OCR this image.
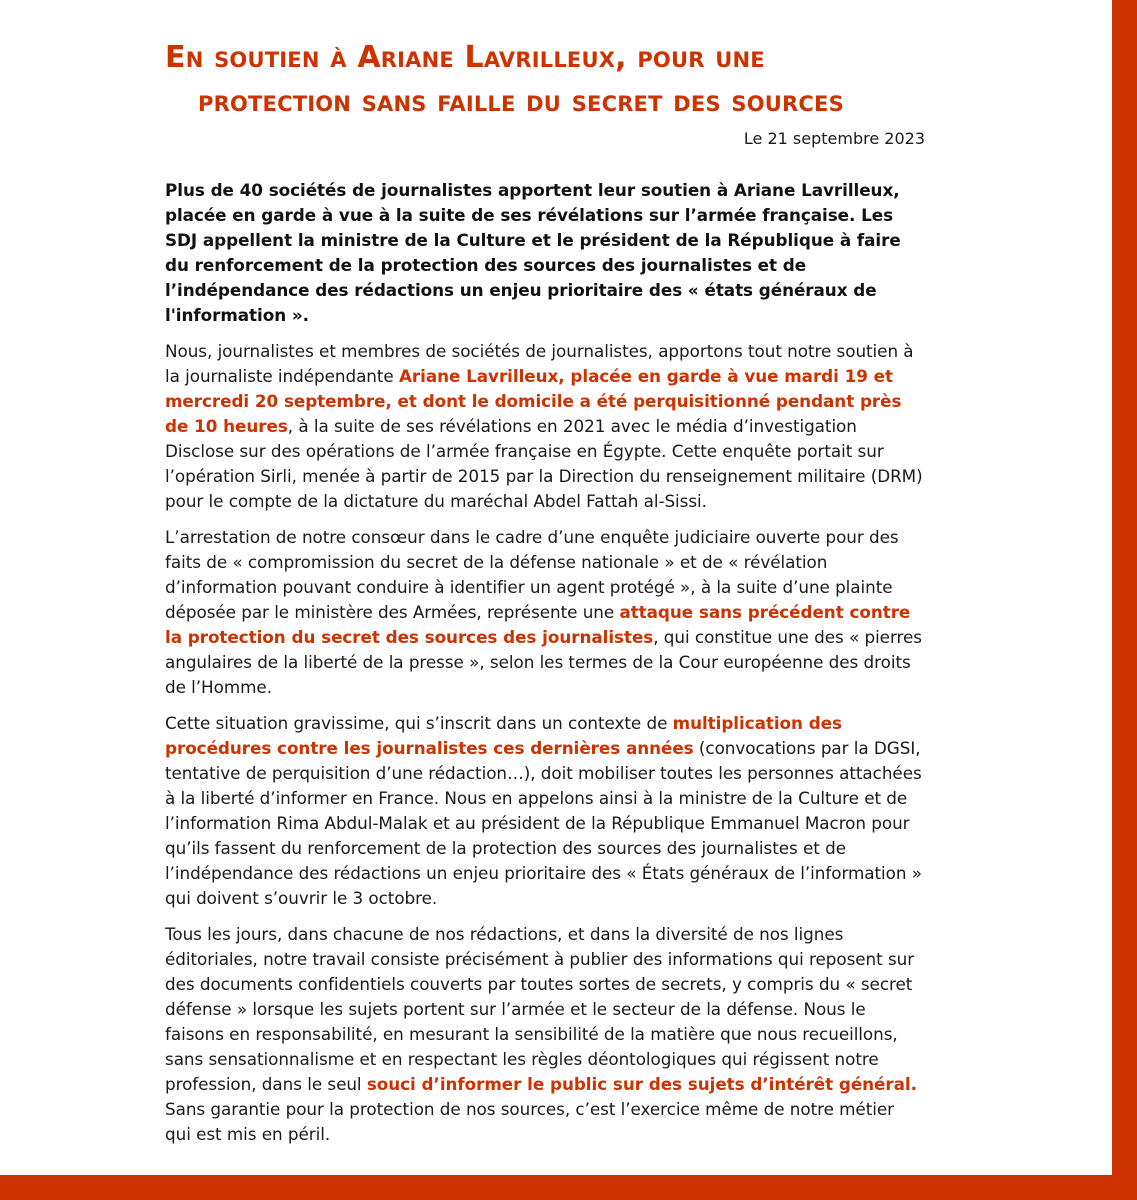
En soutien à Ariane Lavrilleux, pour une
protection sans faille du secret des sources
Le 21 septembre 2023

Plus de 40 sociétés de journalistes apportent leur soutien à Ariane Lavrilleux, placée en garde à vue à la suite de ses révélations sur l’armée française. Les SDJ appellent la ministre de la Culture et le président de la République à faire du renforcement de la protection des sources des journalistes et de l’indépendance des rédactions un enjeu prioritaire des « états généraux de l'information ».

Nous, journalistes et membres de sociétés de journalistes, apportons tout notre soutien à la journaliste indépendante Ariane Lavrilleux, placée en garde à vue mardi 19 et mercredi 20 septembre, et dont le domicile a été perquisitionné pendant près de 10 heures, à la suite de ses révélations en 2021 avec le média d’investigation Disclose sur des opérations de l’armée française en Égypte. Cette enquête portait sur l’opération Sirli, menée à partir de 2015 par la Direction du renseignement militaire (DRM) pour le compte de la dictature du maréchal Abdel Fattah al-Sissi.

L’arrestation de notre consœur dans le cadre d’une enquête judiciaire ouverte pour des faits de « compromission du secret de la défense nationale » et de « révélation d’information pouvant conduire à identifier un agent protégé », à la suite d’une plainte déposée par le ministère des Armées, représente une attaque sans précédent contre la protection du secret des sources des journalistes, qui constitue une des « pierres angulaires de la liberté de la presse », selon les termes de la Cour européenne des droits de l’Homme.

Cette situation gravissime, qui s’inscrit dans un contexte de multiplication des procédures contre les journalistes ces dernières années (convocations par la DGSI, tentative de perquisition d’une rédaction…), doit mobiliser toutes les personnes attachées à la liberté d’informer en France. Nous en appelons ainsi à la ministre de la Culture et de l’information Rima Abdul-Malak et au président de la République Emmanuel Macron pour qu’ils fassent du renforcement de la protection des sources des journalistes et de l’indépendance des rédactions un enjeu prioritaire des « États généraux de l’information » qui doivent s’ouvrir le 3 octobre.

Tous les jours, dans chacune de nos rédactions, et dans la diversité de nos lignes éditoriales, notre travail consiste précisément à publier des informations qui reposent sur des documents confidentiels couverts par toutes sortes de secrets, y compris du « secret défense » lorsque les sujets portent sur l’armée et le secteur de la défense. Nous le faisons en responsabilité, en mesurant la sensibilité de la matière que nous recueillons, sans sensationnalisme et en respectant les règles déontologiques qui régissent notre profession, dans le seul souci d’informer le public sur des sujets d’intérêt général. Sans garantie pour la protection de nos sources, c’est l’exercice même de notre métier qui est mis en péril.
